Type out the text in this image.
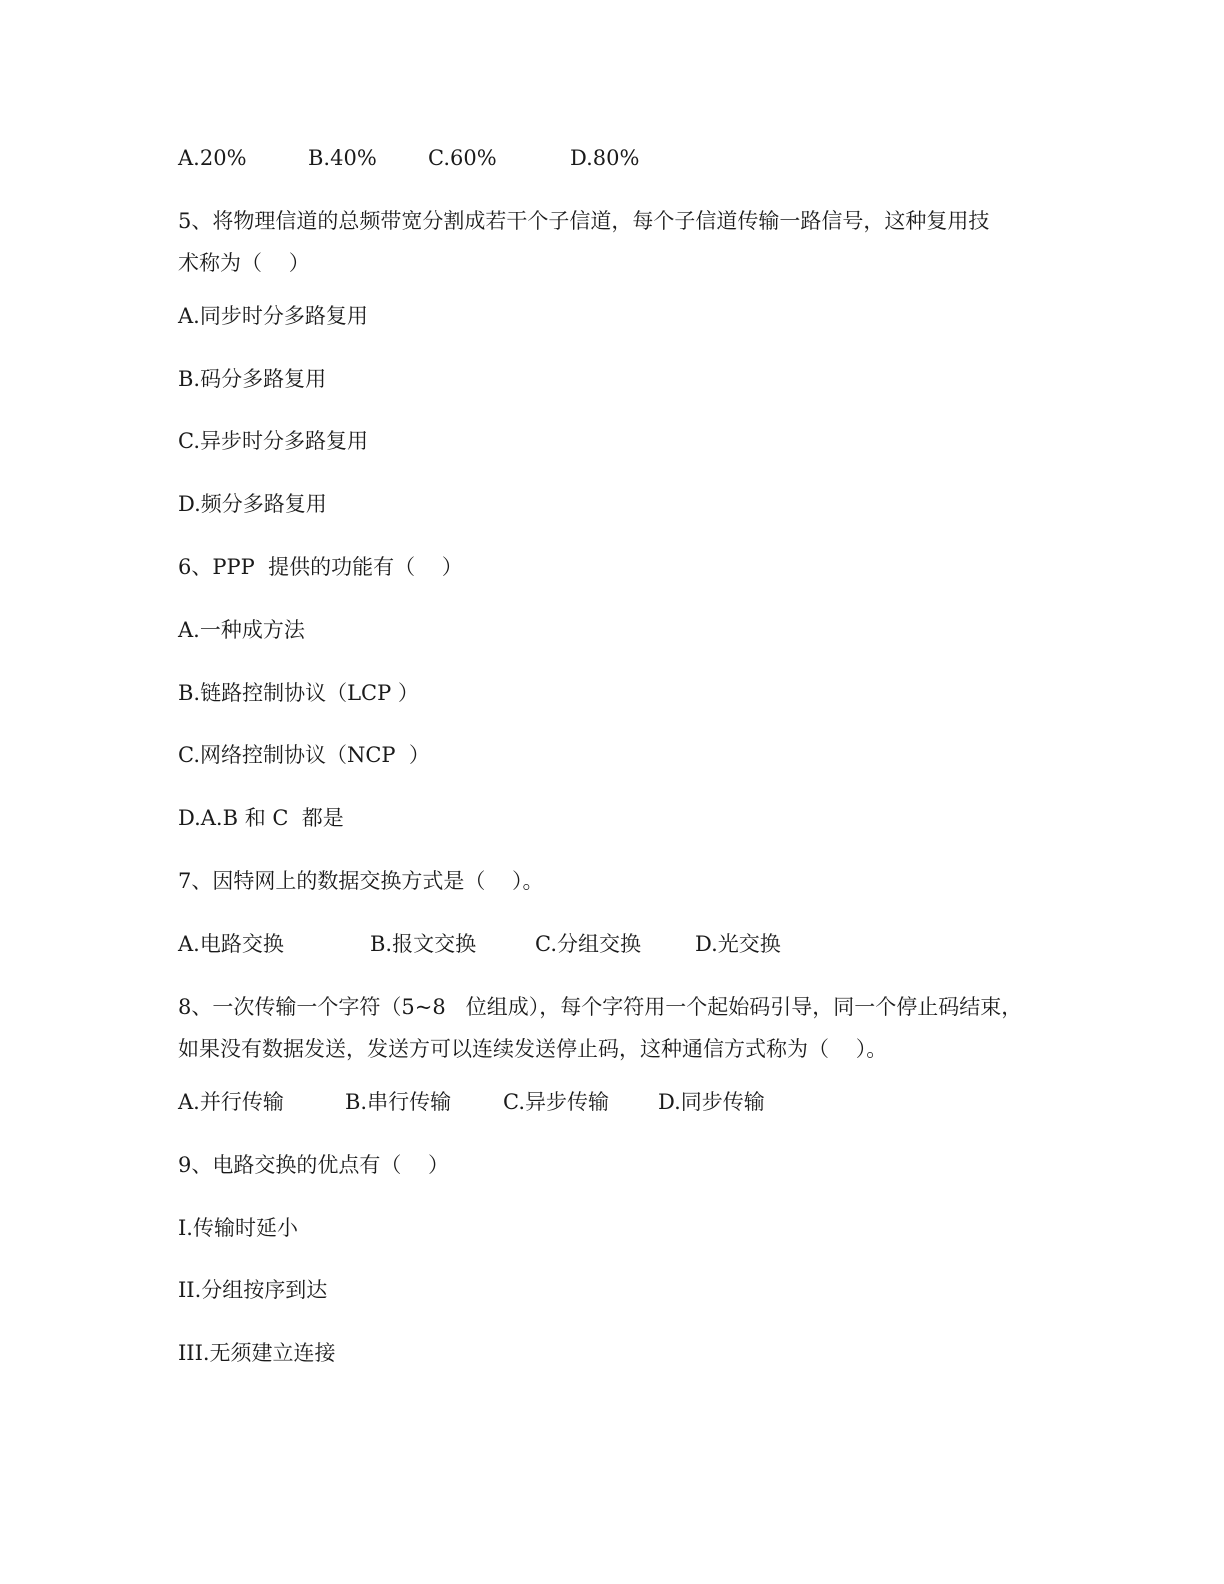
A.20%	B.40% C.60%	D.80%
5、将物理信道的总频带宽分割成若干个子信道，每个子信道传输一路信号，这种复用技
术称为（    ）
A.同步时分多路复用
B.码分多路复用
C.异步时分多路复用
D.频分多路复用
6、PPP  提供的功能有（    ）
A.一种成方法
B.链路控制协议（LCP ）
C.网络控制协议（NCP  ）
D.A.B 和 C  都是
7、因特网上的数据交换方式是（    ）。
A.电路交换	B.报文交换	C.分组交换	D.光交换
8、一次传输一个字符（5~8   位组成），每个字符用一个起始码引导，同一个停止码结束，
如果没有数据发送，发送方可以连续发送停止码，这种通信方式称为（    ）。
A.并行传输	B.串行传输 C.异步传输 D.同步传输
9、电路交换的优点有（    ）
I.传输时延小
II.分组按序到达
III.无须建立连接
